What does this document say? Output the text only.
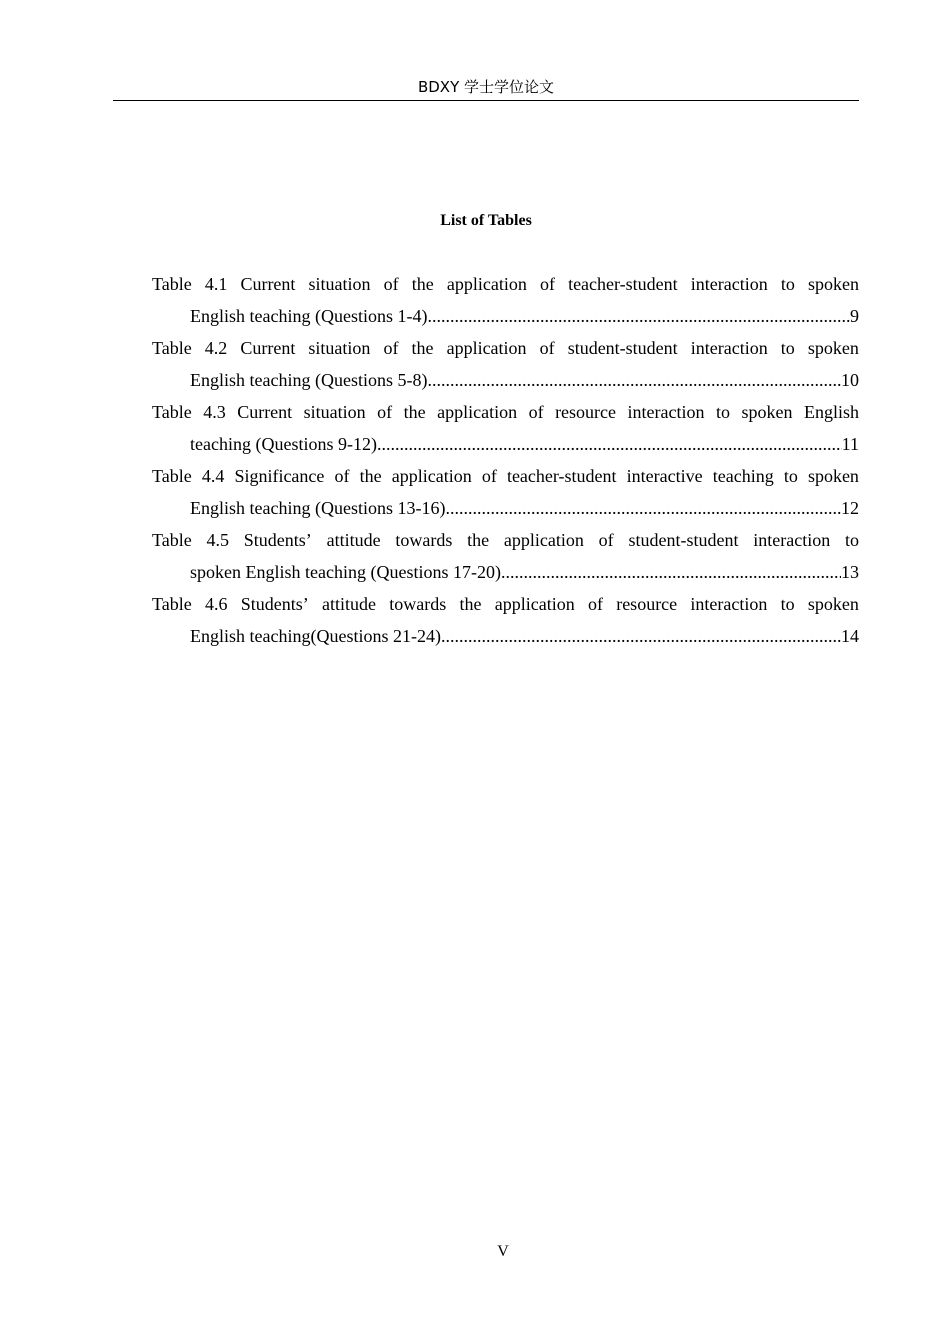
BDXY 学士学位论文
List of Tables
Table 4.1 Current situation of the application of teacher-student interaction to spoken
English teaching (Questions 1-4) .....	9
Table 4.2 Current situation of the application of student-student interaction to spoken
English teaching (Questions 5-8) .....	10
Table 4.3 Current situation of the application of resource interaction to spoken English
teaching (Questions 9-12) .....	11
Table 4.4 Significance of the application of teacher-student interactive teaching to spoken
English teaching (Questions 13-16) .....	12
Table 4.5 Students’ attitude towards the application of student-student interaction to
spoken English teaching (Questions 17-20) .....	13
Table 4.6 Students’ attitude towards the application of resource interaction to spoken
English teaching(Questions 21-24) .....	14
V
